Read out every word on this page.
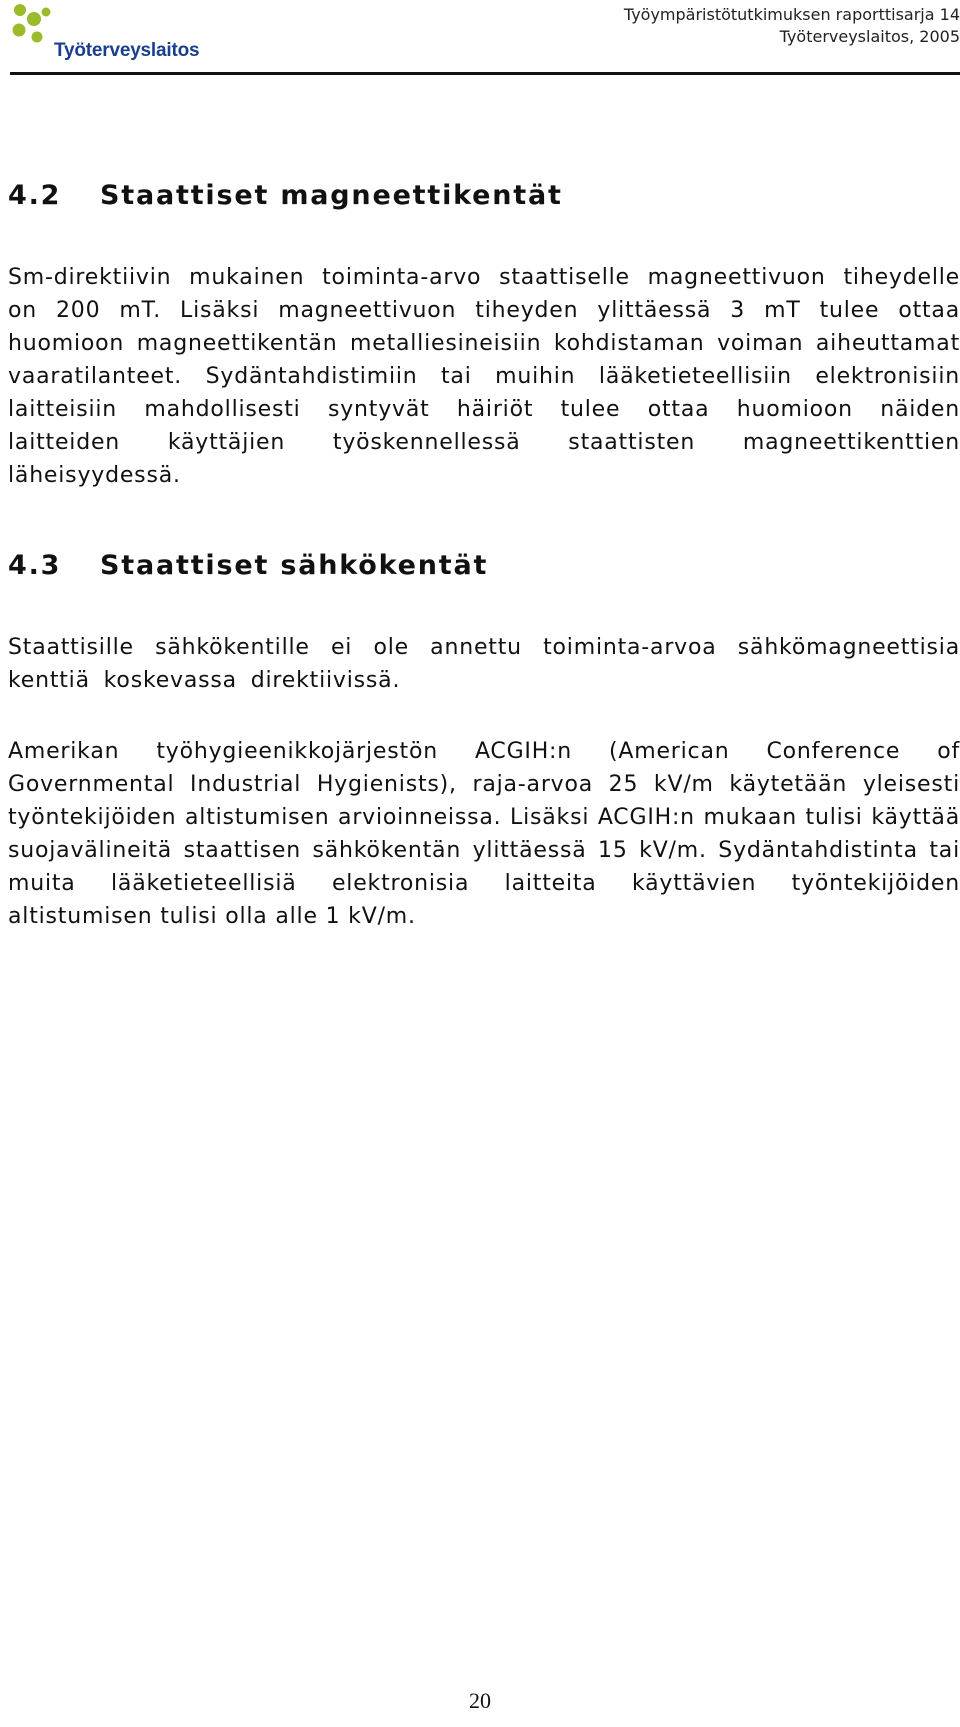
Työterveyslaitos
Työympäristötutkimuksen raporttisarja 14
Työterveyslaitos, 2005
4.2 Staattiset magneettikentät

Sm-direktiivin mukainen toiminta-arvo staattiselle magneettivuon tiheydelle on 200 mT. Lisäksi magneettivuon tiheyden ylittäessä 3 mT tulee ottaa huomioon magneettikentän metalliesineisiin kohdistaman voiman aiheuttamat vaaratilanteet. Sydäntahdistimiin tai muihin lääketieteellisiin elektronisiin laitteisiin mahdollisesti syntyvät häiriöt tulee ottaa huomioon näiden laitteiden käyttäjien työskennellessä staattisten magneettikenttien läheisyydessä.

4.3 Staattiset sähkökentät

Staattisille sähkökentille ei ole annettu toiminta-arvoa sähkömagneettisia kenttiä koskevassa direktiivissä.

Amerikan työhygieenikkojärjestön ACGIH:n (American Conference of Governmental Industrial Hygienists), raja-arvoa 25 kV/m käytetään yleisesti työntekijöiden altistumisen arvioinneissa. Lisäksi ACGIH:n mukaan tulisi käyttää suojavälineitä staattisen sähkökentän ylittäessä 15 kV/m. Sydäntahdistinta tai muita lääketieteellisiä elektronisia laitteita käyttävien työntekijöiden altistumisen tulisi olla alle 1 kV/m.

20
